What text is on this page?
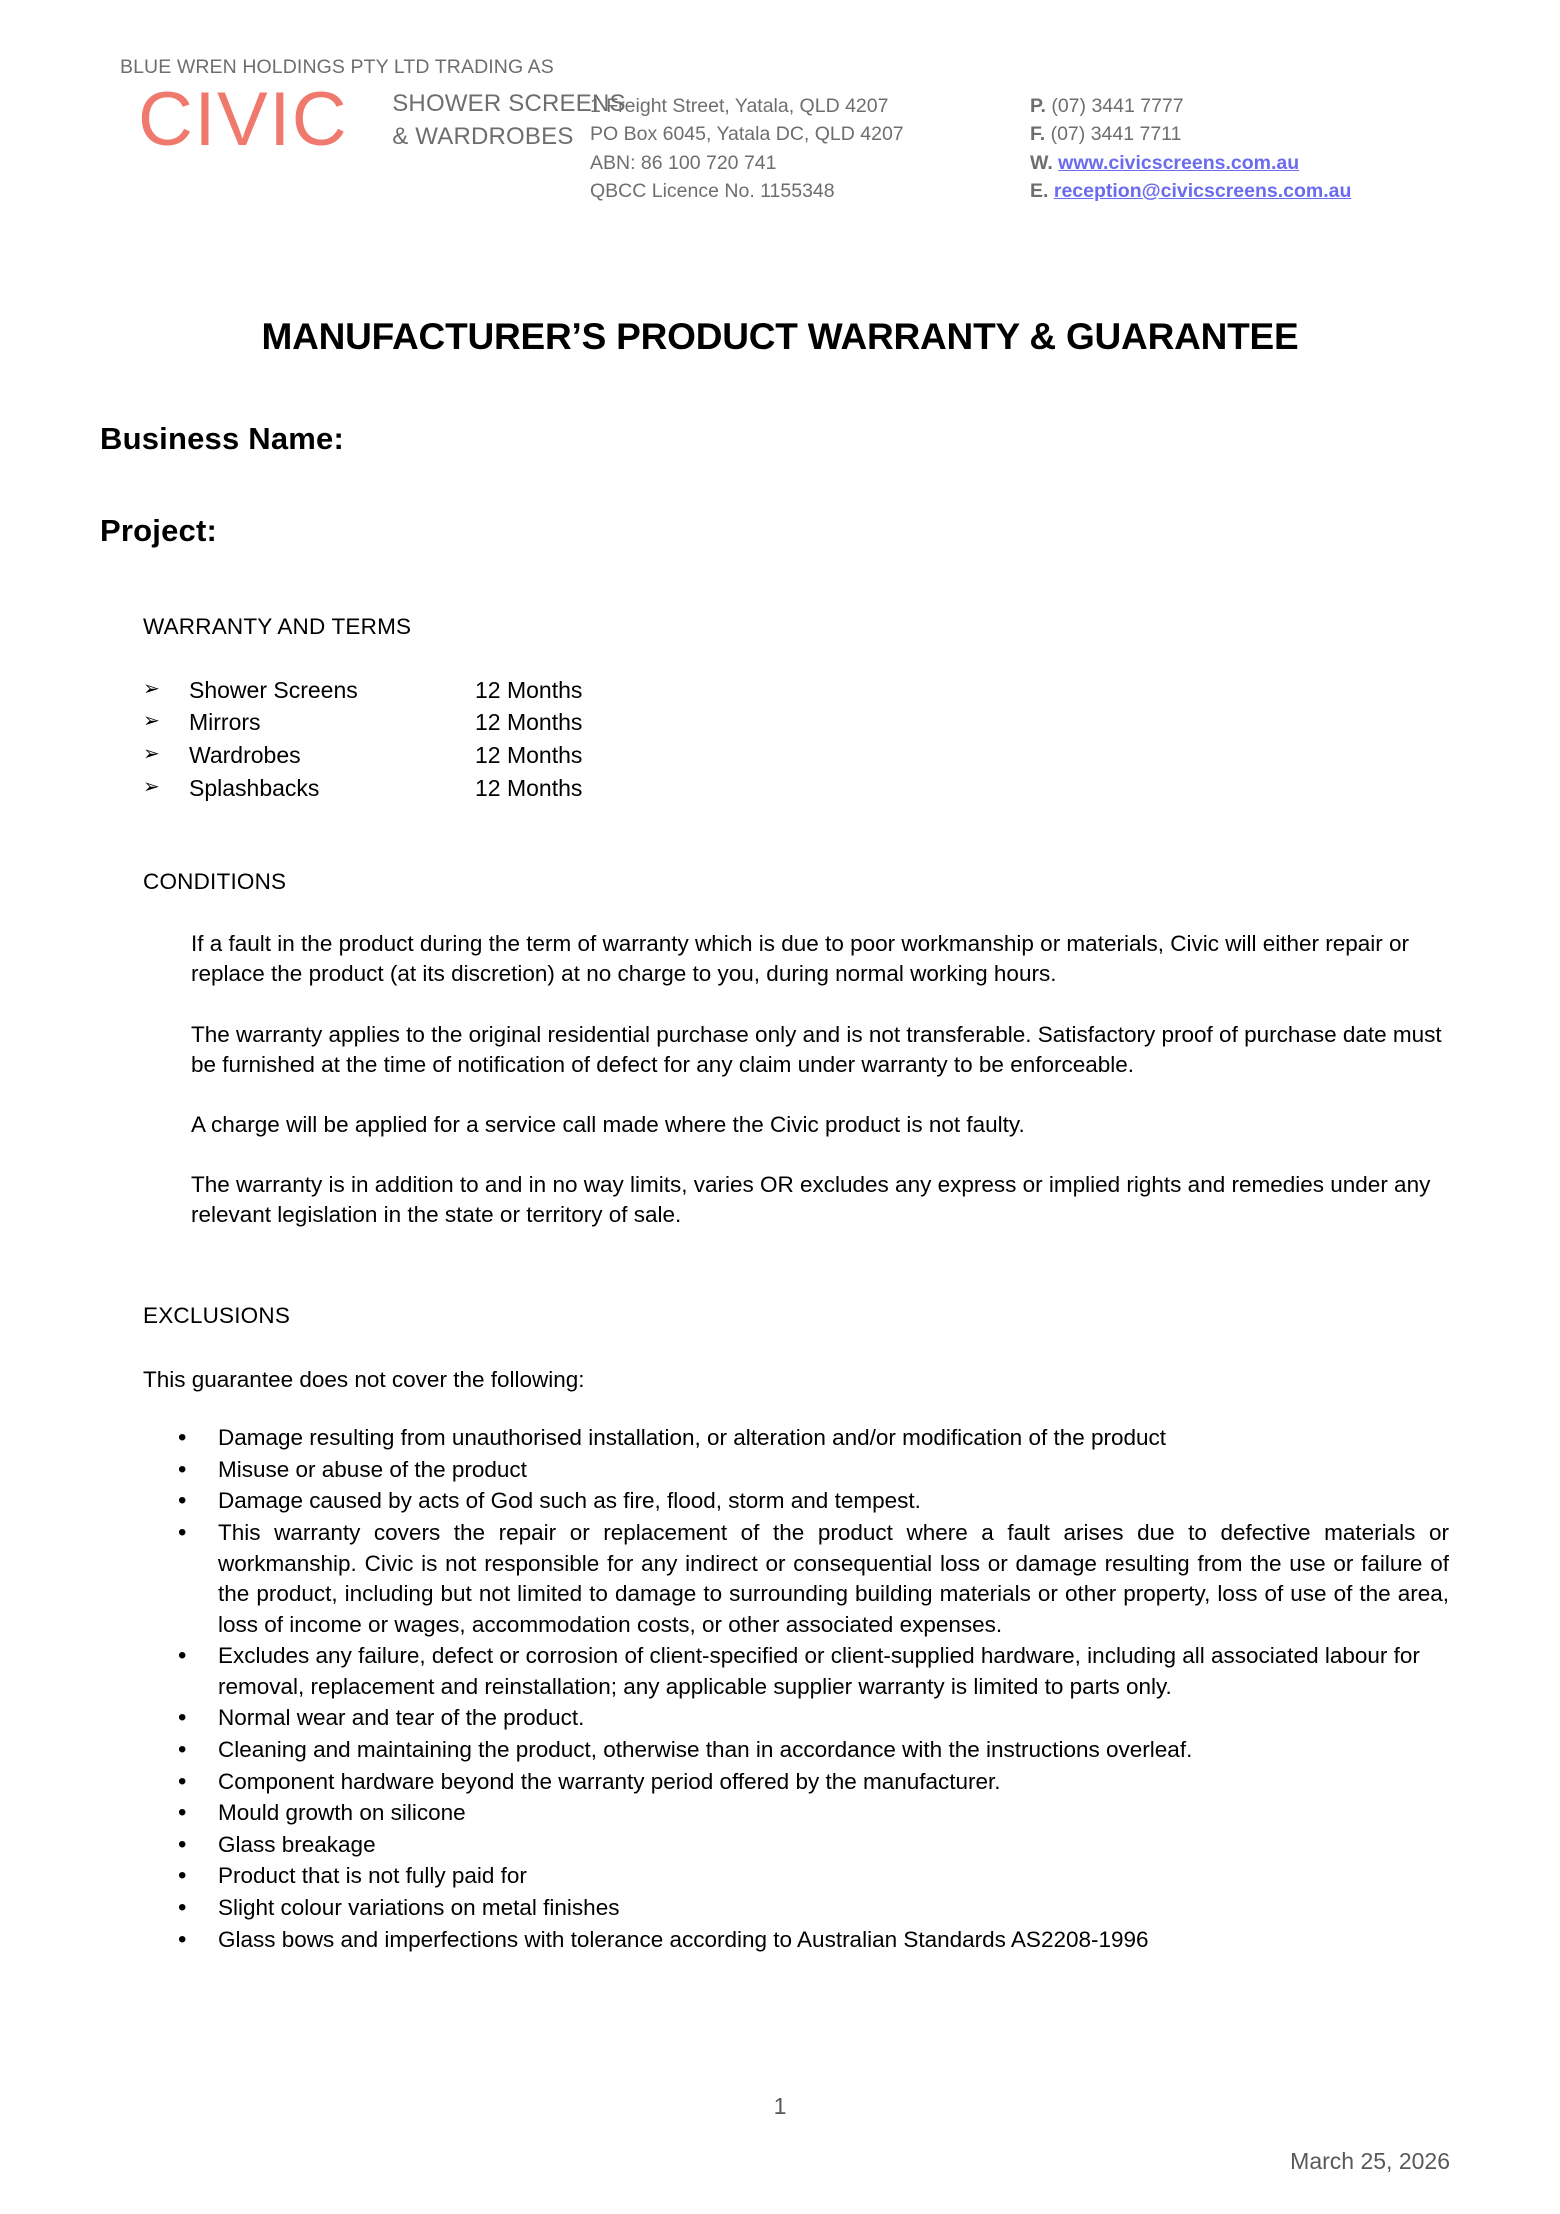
BLUE WREN HOLDINGS PTY LTD TRADING AS
CIVIC	SHOWER SCREENS
& WARDROBES
1 Freight Street, Yatala, QLD 4207
PO Box 6045, Yatala DC, QLD 4207
ABN: 86 100 720 741
QBCC Licence No. 1155348
P. (07) 3441 7777
F. (07) 3441 7711
W. www.civicscreens.com.au
E. reception@civicscreens.com.au
MANUFACTURER’S PRODUCT WARRANTY & GUARANTEE
Business Name:
Project:
WARRANTY AND TERMS
➢	Shower Screens	12 Months
➢	Mirrors	12 Months
➢	Wardrobes	12 Months
➢	Splashbacks	12 Months
CONDITIONS

If a fault in the product during the term of warranty which is due to poor workmanship or materials, Civic will either repair or replace the product (at its discretion) at no charge to you, during normal working hours.

The warranty applies to the original residential purchase only and is not transferable. Satisfactory proof of purchase date must be furnished at the time of notification of defect for any claim under warranty to be enforceable.

A charge will be applied for a service call made where the Civic product is not faulty.

The warranty is in addition to and in no way limits, varies OR excludes any express or implied rights and remedies under any relevant legislation in the state or territory of sale.

EXCLUSIONS

This guarantee does not cover the following:

• Damage resulting from unauthorised installation, or alteration and/or modification of the product
• Misuse or abuse of the product
• Damage caused by acts of God such as fire, flood, storm and tempest.
• This warranty covers the repair or replacement of the product where a fault arises due to defective materials or workmanship. Civic is not responsible for any indirect or consequential loss or damage resulting from the use or failure of the product, including but not limited to damage to surrounding building materials or other property, loss of use of the area, loss of income or wages, accommodation costs, or other associated expenses.
• Excludes any failure, defect or corrosion of client-specified or client-supplied hardware, including all associated labour for removal, replacement and reinstallation; any applicable supplier warranty is limited to parts only.
• Normal wear and tear of the product.
• Cleaning and maintaining the product, otherwise than in accordance with the instructions overleaf.
• Component hardware beyond the warranty period offered by the manufacturer.
• Mould growth on silicone
• Glass breakage
• Product that is not fully paid for
• Slight colour variations on metal finishes
• Glass bows and imperfections with tolerance according to Australian Standards AS2208-1996
1
March 25, 2026
